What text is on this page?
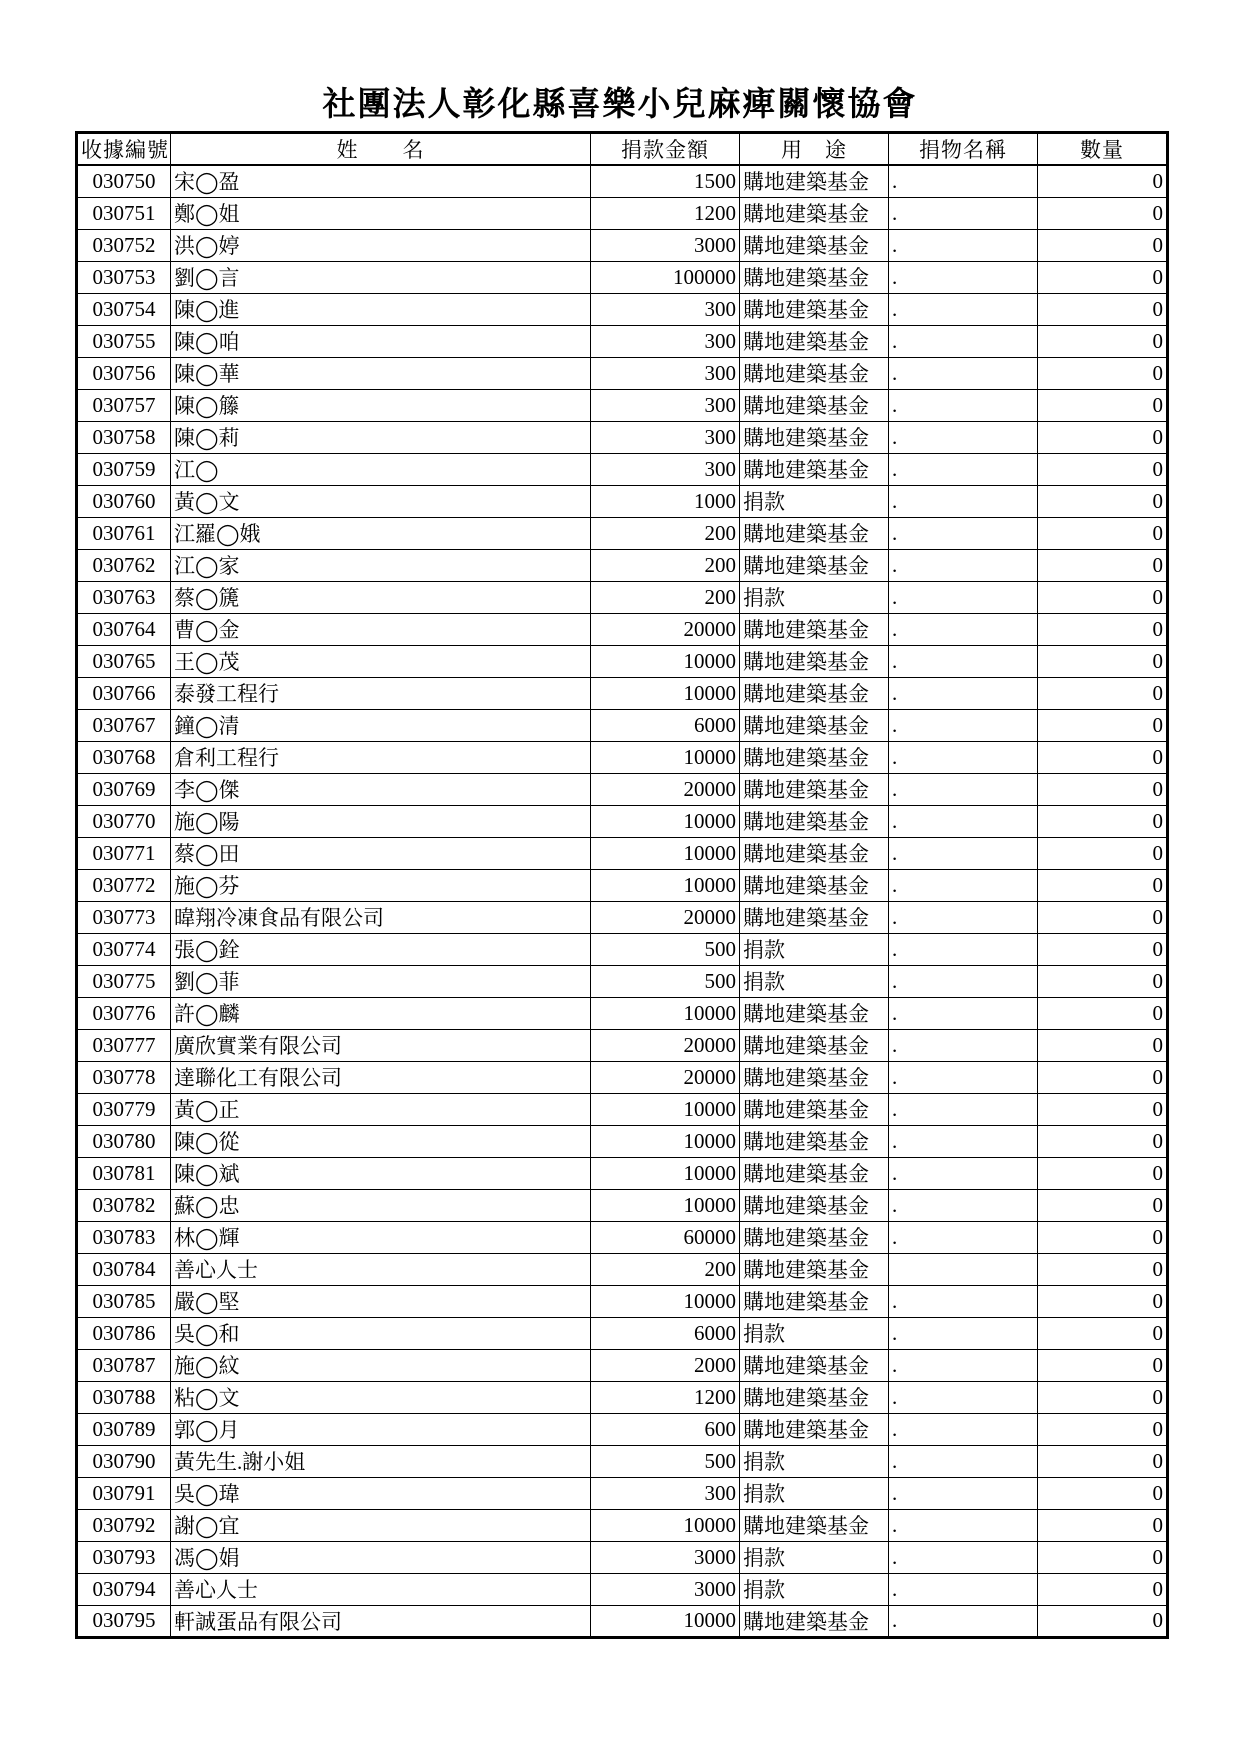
社團法人彰化縣喜樂小兒麻痺關懷協會
收據編號	姓　　名	捐款金額	用　途	捐物名稱	數量
030750	宋◯盈	1500	購地建築基金	.	0
030751	鄭◯姐	1200	購地建築基金	.	0
030752	洪◯婷	3000	購地建築基金	.	0
030753	劉◯言	100000	購地建築基金	.	0
030754	陳◯進	300	購地建築基金	.	0
030755	陳◯咱	300	購地建築基金	.	0
030756	陳◯華	300	購地建築基金	.	0
030757	陳◯籐	300	購地建築基金	.	0
030758	陳◯莉	300	購地建築基金	.	0
030759	江◯	300	購地建築基金	.	0
030760	黃◯文	1000	捐款	.	0
030761	江羅◯娥	200	購地建築基金	.	0
030762	江◯家	200	購地建築基金	.	0
030763	蔡◯篪	200	捐款	.	0
030764	曹◯金	20000	購地建築基金	.	0
030765	王◯茂	10000	購地建築基金	.	0
030766	泰發工程行	10000	購地建築基金	.	0
030767	鐘◯清	6000	購地建築基金	.	0
030768	倉利工程行	10000	購地建築基金	.	0
030769	李◯傑	20000	購地建築基金	.	0
030770	施◯陽	10000	購地建築基金	.	0
030771	蔡◯田	10000	購地建築基金	.	0
030772	施◯芬	10000	購地建築基金	.	0
030773	暐翔冷凍食品有限公司	20000	購地建築基金	.	0
030774	張◯銓	500	捐款	.	0
030775	劉◯菲	500	捐款	.	0
030776	許◯麟	10000	購地建築基金	.	0
030777	廣欣實業有限公司	20000	購地建築基金	.	0
030778	達聯化工有限公司	20000	購地建築基金	.	0
030779	黃◯正	10000	購地建築基金	.	0
030780	陳◯從	10000	購地建築基金	.	0
030781	陳◯斌	10000	購地建築基金	.	0
030782	蘇◯忠	10000	購地建築基金	.	0
030783	林◯輝	60000	購地建築基金	.	0
030784	善心人士	200	購地建築基金		0
030785	嚴◯堅	10000	購地建築基金	.	0
030786	吳◯和	6000	捐款	.	0
030787	施◯紋	2000	購地建築基金	.	0
030788	粘◯文	1200	購地建築基金	.	0
030789	郭◯月	600	購地建築基金	.	0
030790	黃先生.謝小姐	500	捐款	.	0
030791	吳◯瑋	300	捐款	.	0
030792	謝◯宜	10000	購地建築基金	.	0
030793	馮◯娟	3000	捐款	.	0
030794	善心人士	3000	捐款	.	0
030795	軒誠蛋品有限公司	10000	購地建築基金	.	0
